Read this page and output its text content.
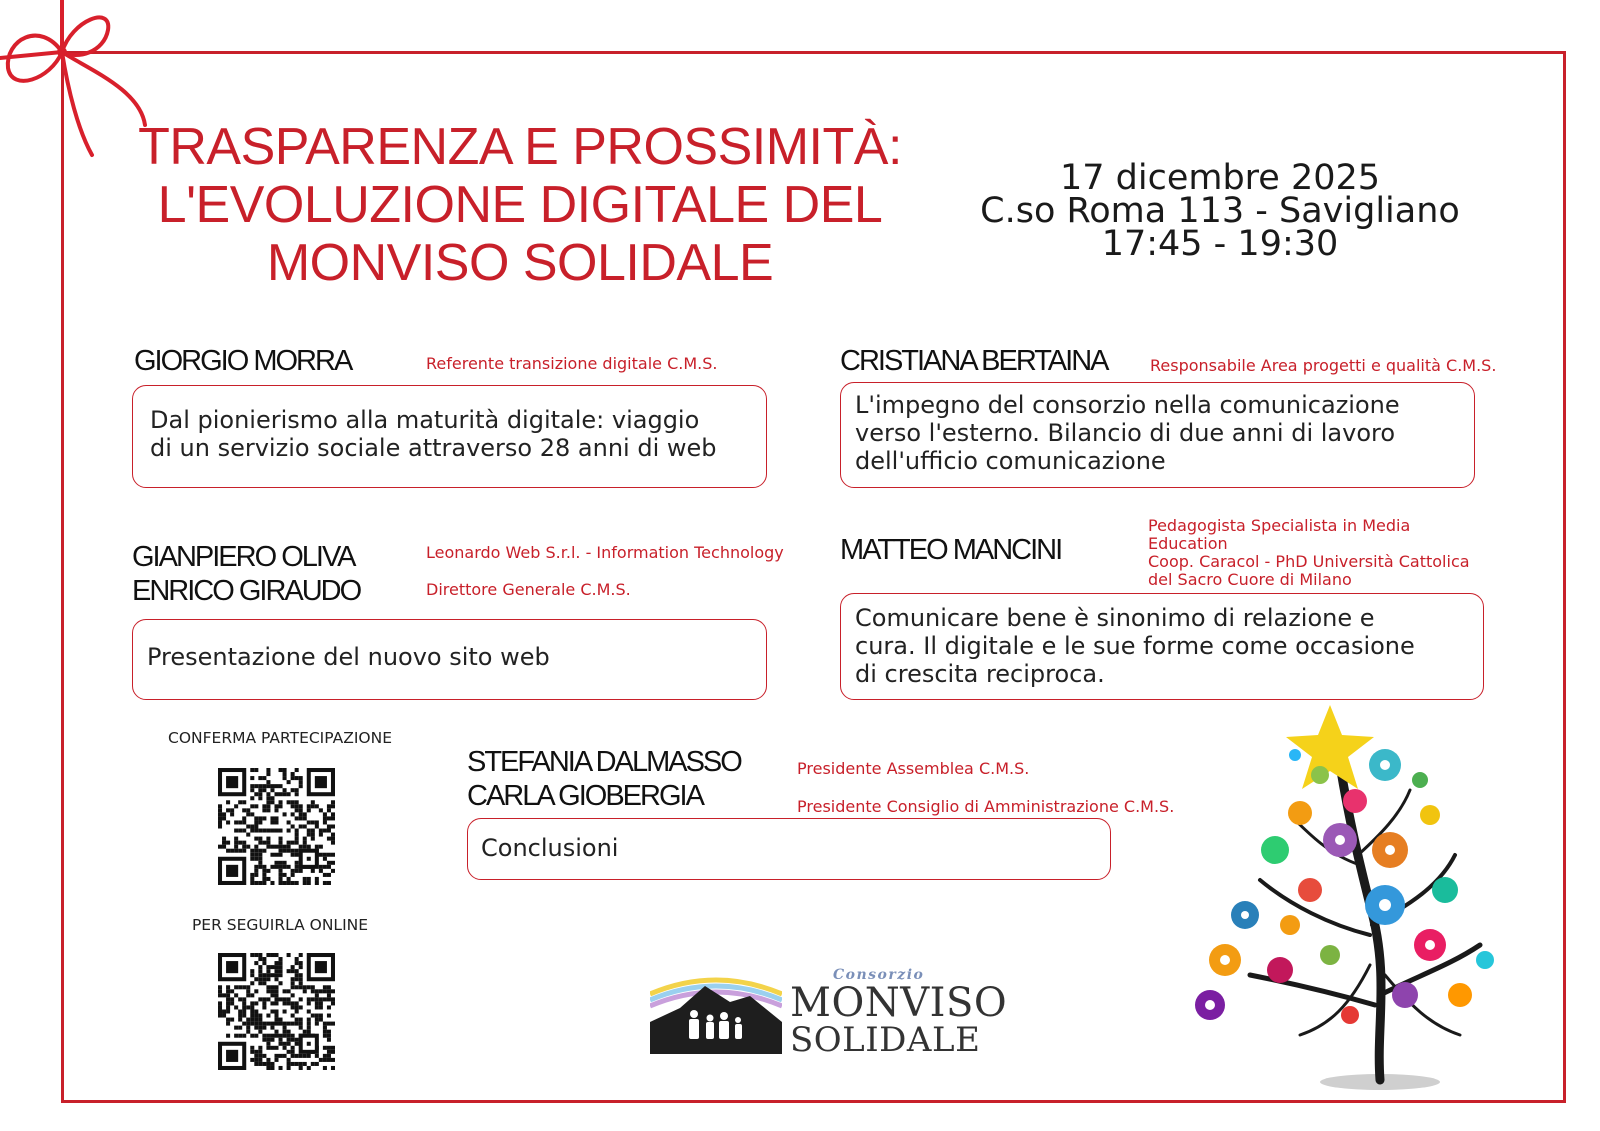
TRASPARENZA E PROSSIMITÀ:
L'EVOLUZIONE DIGITALE DEL
MONVISO SOLIDALE
17 dicembre 2025
C.so Roma 113 - Savigliano
17:45 - 19:30
GIORGIO MORRA	Referente transizione digitale C.M.S.
Dal pionierismo alla maturità digitale: viaggio
di un servizio sociale attraverso 28 anni di web
CRISTIANA BERTAINA	Responsabile Area progetti e qualità C.M.S.
L'impegno del consorzio nella comunicazione
verso l'esterno. Bilancio di due anni di lavoro
dell'ufficio comunicazione
GIANPIERO OLIVA
ENRICO GIRAUDO
Leonardo Web S.r.l. - Information Technology
Direttore Generale C.M.S.
Presentazione del nuovo sito web
MATTEO MANCINI
Pedagogista Specialista in Media
Education
Coop. Caracol - PhD Università Cattolica
del Sacro Cuore di Milano
Comunicare bene è sinonimo di relazione e
cura. Il digitale e le sue forme come occasione
di crescita reciproca.
STEFANIA DALMASSO
CARLA GIOBERGIA
Presidente Assemblea C.M.S.
Presidente Consiglio di Amministrazione C.M.S.
Conclusioni
CONFERMA PARTECIPAZIONE
PER SEGUIRLA ONLINE
Consorzio
MONVISO
SOLIDALE
